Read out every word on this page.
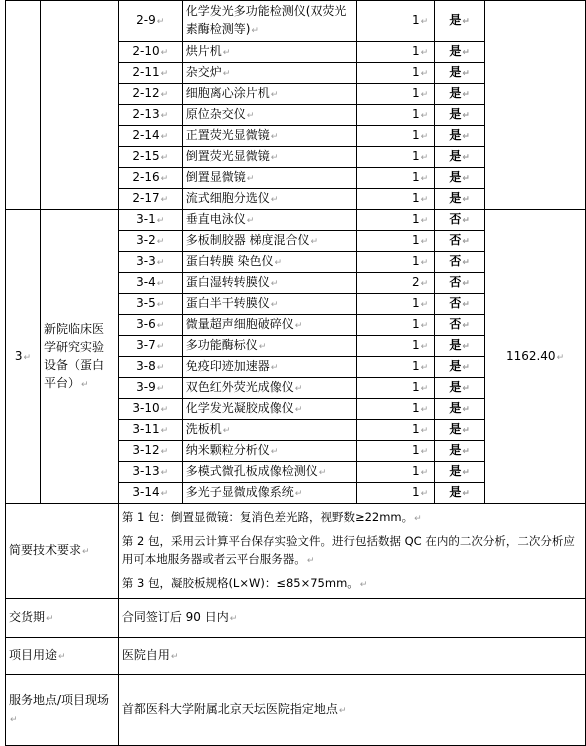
		2-9↵	化学发光多功能检测仪(双荧光素酶检测等)↵	1↵	是↵	
		2-10↵	烘片机↵	1↵	是↵	
		2-11↵	杂交炉↵	1↵	是↵	
		2-12↵	细胞离心涂片机↵	1↵	是↵	
		2-13↵	原位杂交仪↵	1↵	是↵	
		2-14↵	正置荧光显微镜↵	1↵	是↵	
		2-15↵	倒置荧光显微镜↵	1↵	是↵	
		2-16↵	倒置显微镜↵	1↵	是↵	
		2-17↵	流式细胞分选仪↵	1↵	是↵	
3↵	新院临床医学研究实验设备（蛋白平台）↵	3-1↵	垂直电泳仪↵	1↵	否↵	1162.40↵
		3-2↵	多板制胶器 梯度混合仪↵	1↵	否↵	
		3-3↵	蛋白转膜 染色仪↵	1↵	否↵	
		3-4↵	蛋白湿转转膜仪↵	2↵	否↵	
		3-5↵	蛋白半干转膜仪↵	1↵	否↵	
		3-6↵	微量超声细胞破碎仪↵	1↵	否↵	
		3-7↵	多功能酶标仪↵	1↵	是↵	
		3-8↵	免疫印迹加速器↵	1↵	是↵	
		3-9↵	双色红外荧光成像仪↵	1↵	是↵	
		3-10↵	化学发光凝胶成像仪↵	1↵	是↵	
		3-11↵	洗板机↵	1↵	是↵	
		3-12↵	纳米颗粒分析仪↵	1↵	是↵	
		3-13↵	多模式微孔板成像检测仪↵	1↵	是↵	
		3-14↵	多光子显微成像系统↵	1↵	是↵	
简要技术要求↵		第 1 包：倒置显微镜：复消色差光路，视野数≥22mm。↵

第 2 包，采用云计算平台保存实验文件。进行包括数据 QC 在内的二次分析，二次分析应用可本地服务器或者云平台服务器。↵

第 3 包，凝胶板规格(L×W)：≤85×75mm。↵				

交货期↵		合同签订后 90 日内↵				
项目用途↵		医院自用↵				
服务地点/项目现场↵		首都医科大学附属北京天坛医院指定地点↵				
